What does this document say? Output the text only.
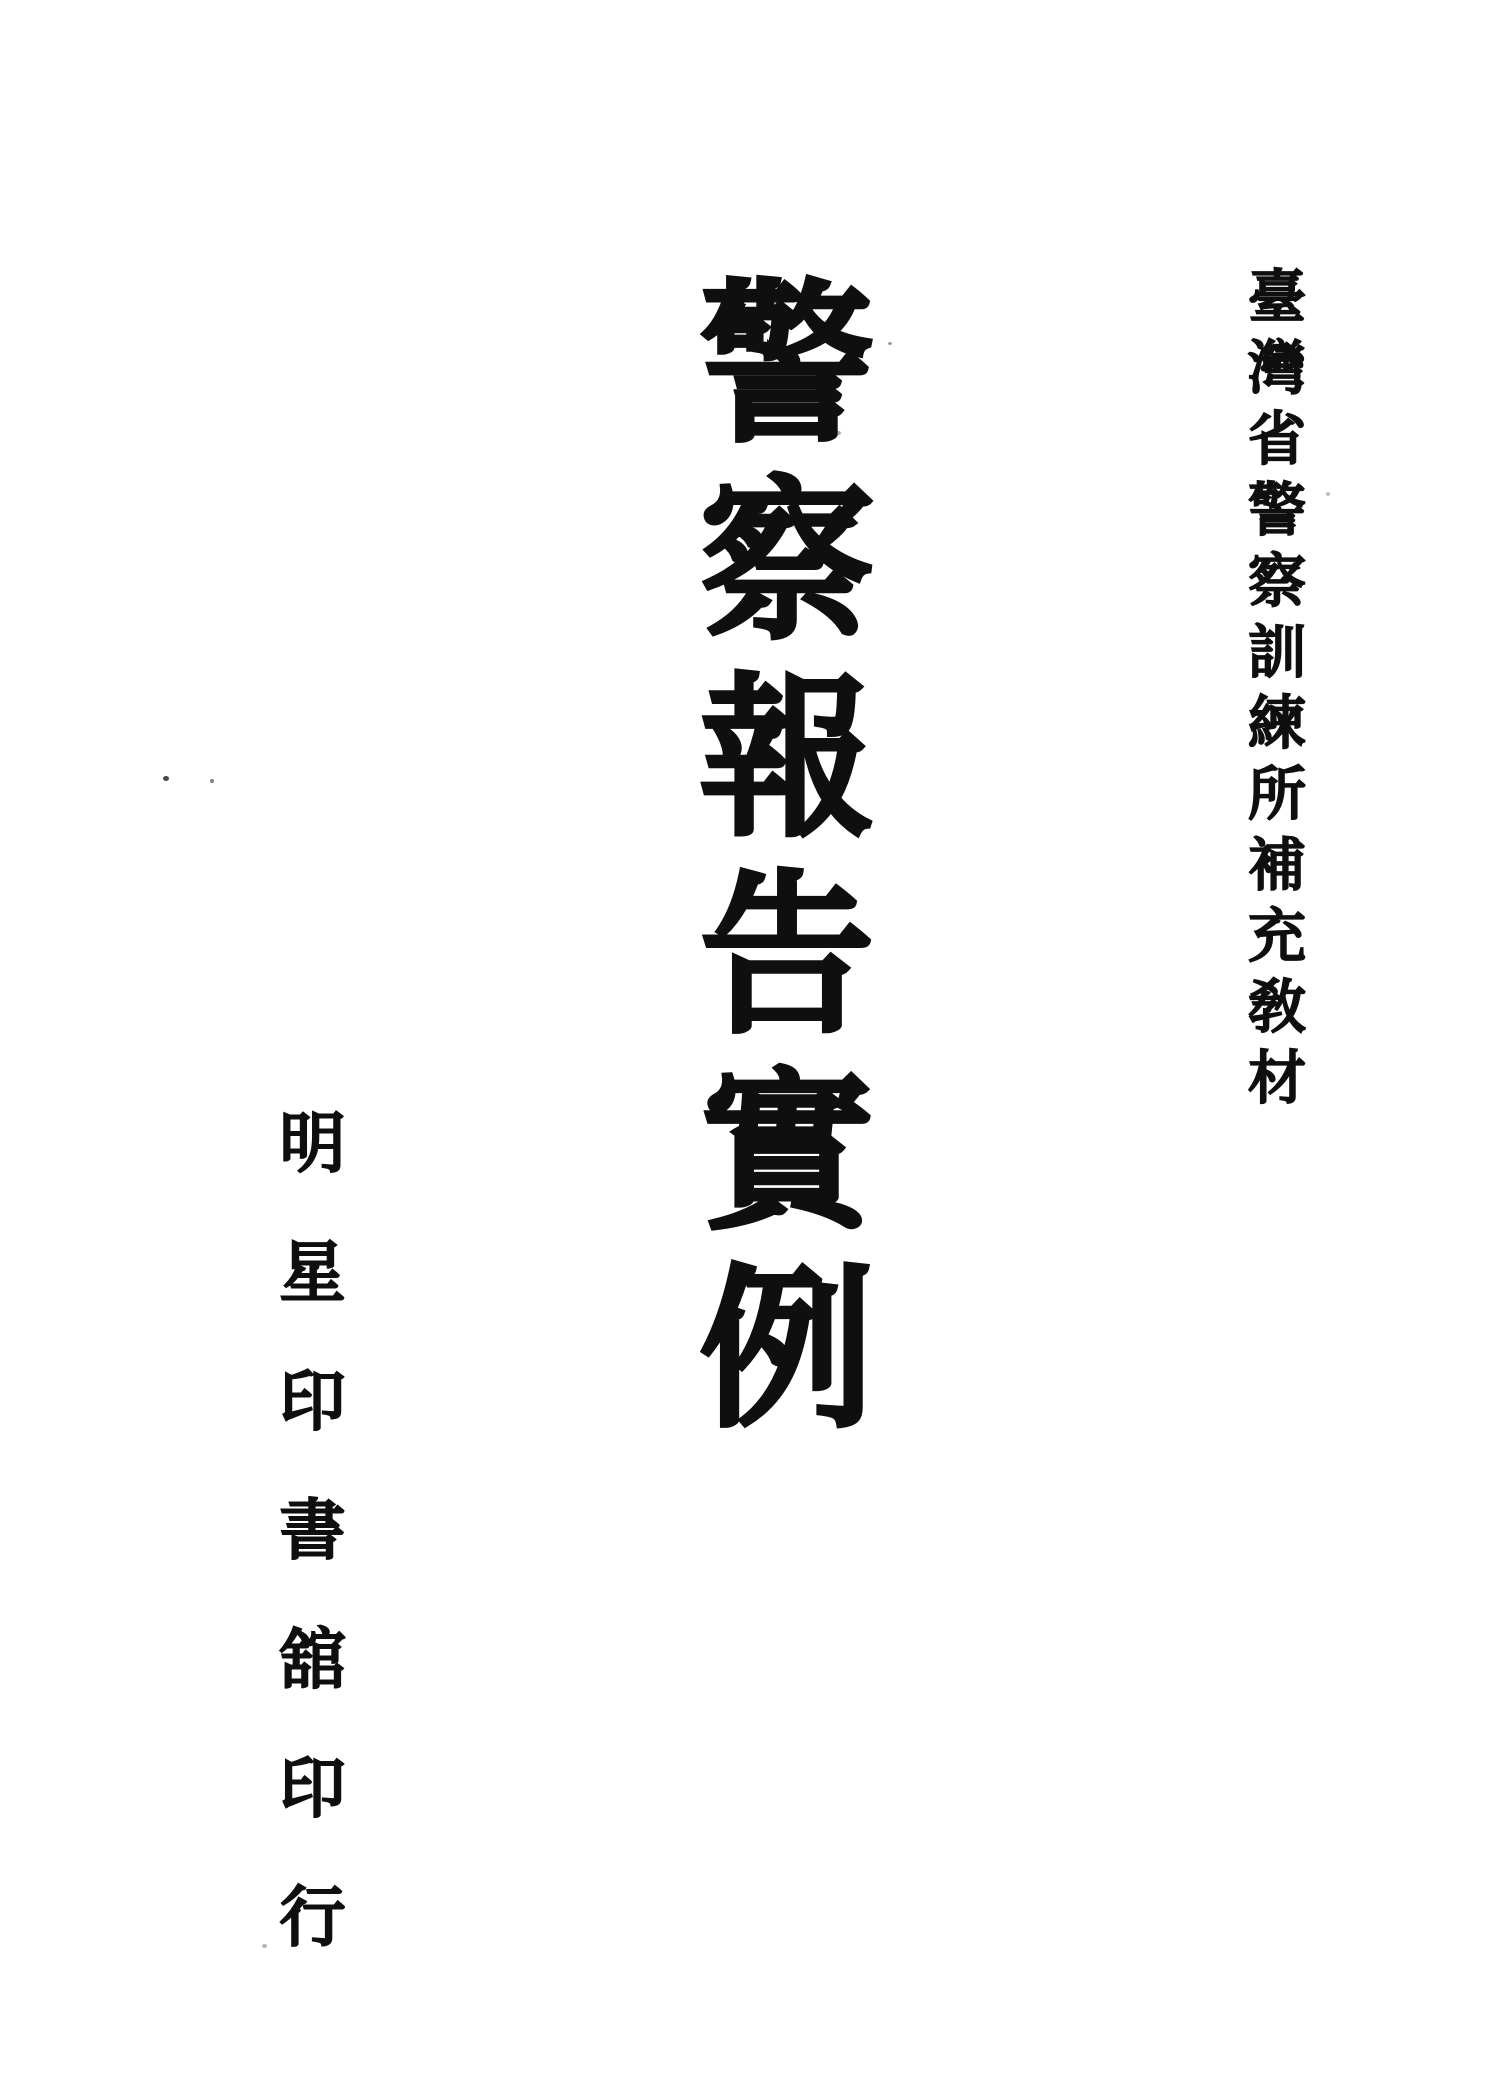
警察報告實例	臺灣省警察訓練所補充敎材
明星印書舘印行
